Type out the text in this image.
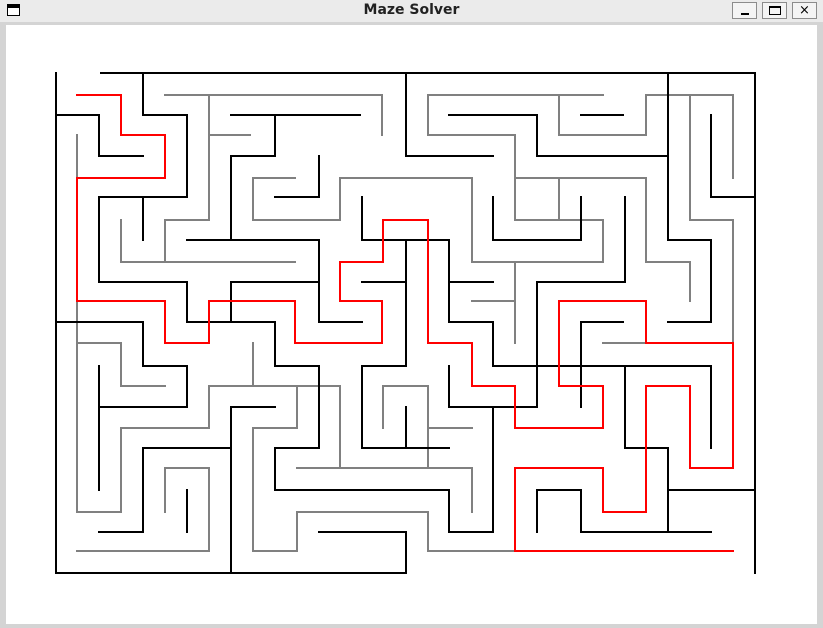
Maze Solver	×
